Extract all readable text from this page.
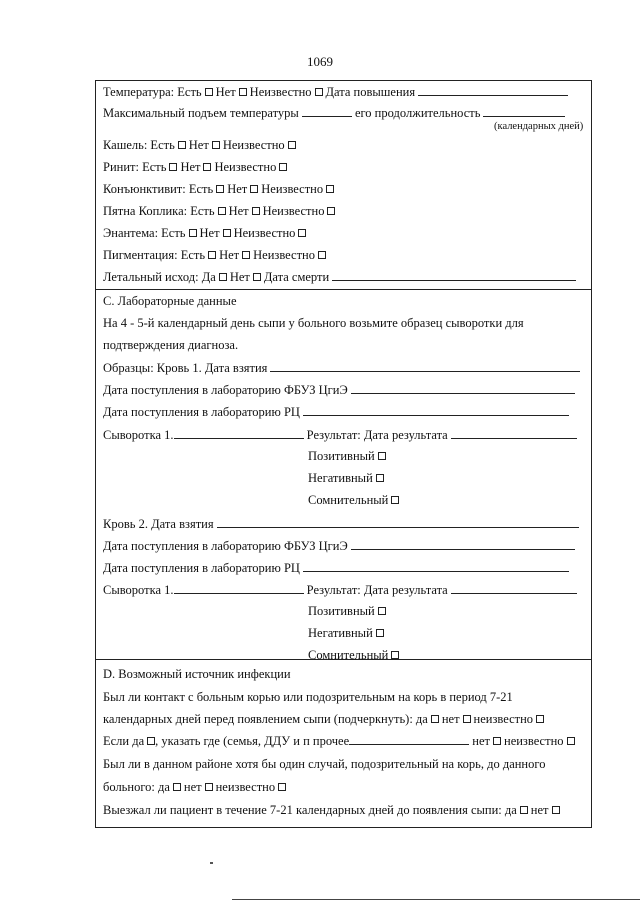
1069
Температура: Есть Нет Неизвестно Дата повышения
Максимальный подъем температуры	его продолжительность
(календарных дней)
Кашель: Есть Нет Неизвестно
Ринит: Есть Нет Неизвестно
Конъюнктивит: Есть Нет Неизвестно
Пятна Коплика: Есть Нет Неизвестно
Энантема: Есть Нет Неизвестно
Пигментация: Есть Нет Неизвестно
Летальный исход: Да Нет Дата смерти
С. Лабораторные данные
На 4 - 5-й календарный день сыпи у больного возьмите образец сыворотки для
подтверждения диагноза.
Образцы: Кровь 1. Дата взятия
Дата поступления в лабораторию ФБУЗ ЦгиЭ
Дата поступления в лабораторию РЦ
Сыворотка 1.	Результат: Дата результата
Позитивный
Негативный
Сомнительный
Кровь 2. Дата взятия
Дата поступления в лабораторию ФБУЗ ЦгиЭ
Дата поступления в лабораторию РЦ
Сыворотка 1.	Результат: Дата результата
Позитивный
Негативный
Сомнительный
D. Возможный источник инфекции
Был ли контакт с больным корью или подозрительным на корь в период 7-21
календарных дней перед появлением сыпи (подчеркнуть): да нет неизвестно
Если да , указать где (семья, ДДУ и п прочее	нет неизвестно
Был ли в данном районе хотя бы один случай, подозрительный на корь, до данного
больного: да нет неизвестно
Выезжал ли пациент в течение 7-21 календарных дней до появления сыпи: да нет
